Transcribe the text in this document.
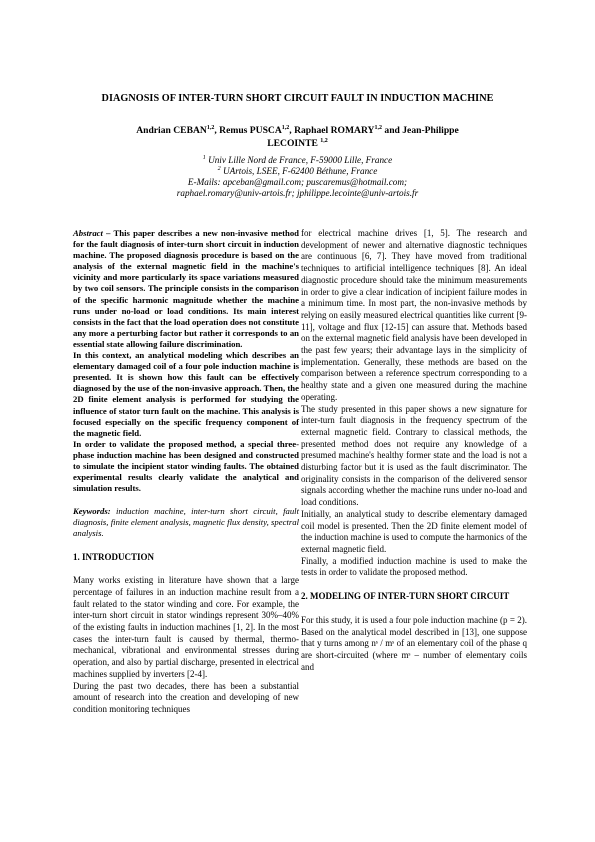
DIAGNOSIS OF INTER-TURN SHORT CIRCUIT FAULT IN INDUCTION MACHINE
Andrian CEBAN$^{1,2}$, Remus PUSCA$^{1,2}$, Raphael ROMARY$^{1,2}$ and Jean-Philippe LECOINTE $^{1,2}$
$^1$ Univ Lille Nord de France, F-59000 Lille, France
$^2$ UArtois, LSEE, F-62400 Béthune, France
E-Mails: apceban@gmail.com; puscaremus@hotmail.com;
raphael.romary@univ-artois.fr; jphilippe.lecointe@univ-artois.fr

Abstract – This paper describes a new non-invasive method for the fault diagnosis of inter-turn short circuit in induction machine. The proposed diagnosis procedure is based on the analysis of the external magnetic field in the machine's vicinity and more particularly its space variations measured by two coil sensors. The principle consists in the comparison of the specific harmonic magnitude whether the machine runs under no-load or load conditions. Its main interest consists in the fact that the load operation does not constitute any more a perturbing factor but rather it corresponds to an essential state allowing failure discrimination.

In this context, an analytical modeling which describes an elementary damaged coil of a four pole induction machine is presented. It is shown how this fault can be effectively diagnosed by the use of the non-invasive approach. Then, the 2D finite element analysis is performed for studying the influence of stator turn fault on the machine. This analysis is focused especially on the specific frequency component of the magnetic field.

In order to validate the proposed method, a special three-phase induction machine has been designed and constructed to simulate the incipient stator winding faults. The obtained experimental results clearly validate the analytical and simulation results.

Keywords: induction machine, inter-turn short circuit, fault diagnosis, finite element analysis, magnetic flux density, spectral analysis.

1. INTRODUCTION

Many works existing in literature have shown that a large percentage of failures in an induction machine result from a fault related to the stator winding and core. For example, the inter-turn short circuit in stator windings represent 30%–40% of the existing faults in induction machines [1, 2]. In the most cases the inter-turn fault is caused by thermal, thermo-mechanical, vibrational and environmental stresses during operation, and also by partial discharge, presented in electrical machines supplied by inverters [2-4].

During the past two decades, there has been a substantial amount of research into the creation and developing of new condition monitoring techniques

for electrical machine drives [1, 5]. The research and development of newer and alternative diagnostic techniques are continuous [6, 7]. They have moved from traditional techniques to artificial intelligence techniques [8]. An ideal diagnostic procedure should take the minimum measurements in order to give a clear indication of incipient failure modes in a minimum time. In most part, the non-invasive methods by relying on easily measured electrical quantities like current [9-11], voltage and flux [12-15] can assure that. Methods based on the external magnetic field analysis have been developed in the past few years; their advantage lays in the simplicity of implementation. Generally, these methods are based on the comparison between a reference spectrum corresponding to a healthy state and a given one measured during the machine operating.

The study presented in this paper shows a new signature for inter-turn fault diagnosis in the frequency spectrum of the external magnetic field. Contrary to classical methods, the presented method does not require any knowledge of a presumed machine's healthy former state and the load is not a disturbing factor but it is used as the fault discriminator. The originality consists in the comparison of the delivered sensor signals according whether the machine runs under no-load and load conditions.

Initially, an analytical study to describe elementary damaged coil model is presented. Then the 2D finite element model of the induction machine is used to compute the harmonics of the external magnetic field.

Finally, a modified induction machine is used to make the tests in order to validate the proposed method.

2. MODELING OF INTER-TURN SHORT CIRCUIT

For this study, it is used a four pole induction machine (p = 2). Based on the analytical model described in [13], one suppose that y turns among nˢ / mˢ of an elementary coil of the phase q are short-circuited (where mˢ – number of elementary coils and
